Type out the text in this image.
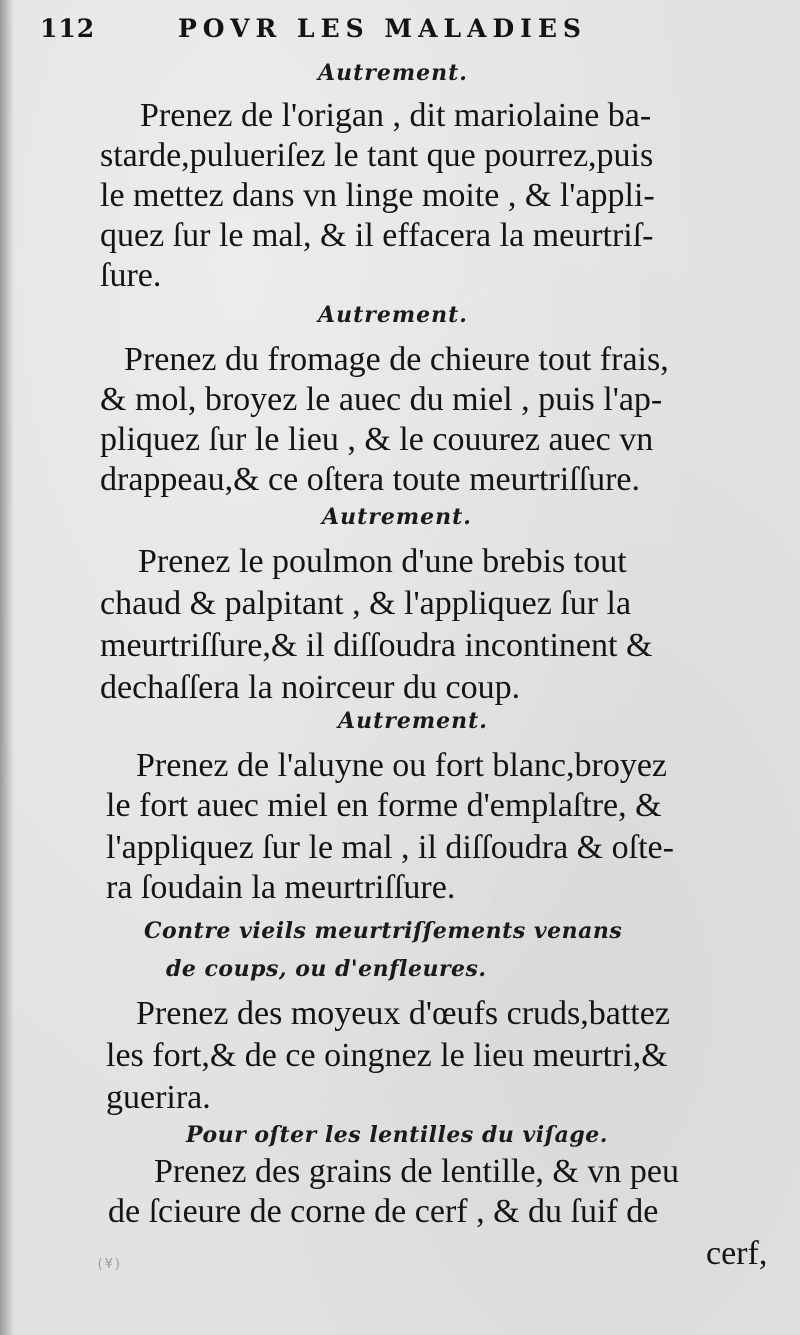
112	POVR LES MALADIES
Autrement.
Prenez de l'origan , dit mariolaine ba-
starde,pulueriſez le tant que pourrez,puis
le mettez dans vn linge moite , & l'appli-
quez ſur le mal, & il effacera la meurtriſ-
ſure.
Autrement.
Prenez du fromage de chieure tout frais,
& mol, broyez le auec du miel , puis l'ap-
pliquez ſur le lieu , & le couurez auec vn
drappeau,& ce oſtera toute meurtriſſure.
Autrement.
Prenez le poulmon d'une brebis tout
chaud & palpitant , & l'appliquez ſur la
meurtriſſure,& il diſſoudra incontinent &
dechaſſera la noirceur du coup.
Autrement.
Prenez de l'aluyne ou fort blanc,broyez
le fort auec miel en forme d'emplaſtre, &
l'appliquez ſur le mal , il diſſoudra & oſte-
ra ſoudain la meurtriſſure.
Contre vieils meurtriſſements venans
de coups, ou d'enfleures.
Prenez des moyeux d'œufs cruds,battez
les fort,& de ce oingnez le lieu meurtri,&
guerira.
Pour oſter les lentilles du viſage.
Prenez des grains de lentille, & vn peu
de ſcieure de corne de cerf , & du ſuif de
cerf,
(¥)
